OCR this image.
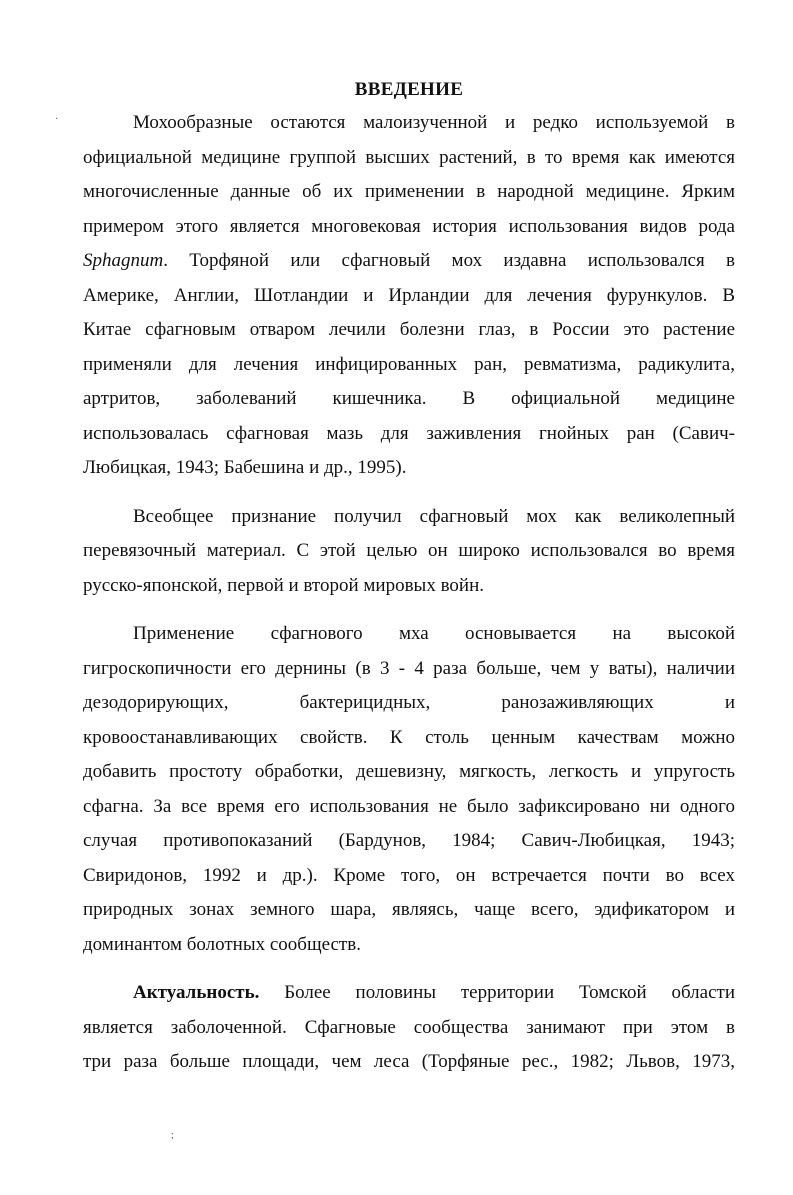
·
;
ВВЕДЕНИЕ
Мохообразные остаются малоизученной и редко используемой в
официальной медицине группой высших растений, в то время как имеются
многочисленные данные об их применении в народной медицине. Ярким
примером этого является многовековая история использования видов рода
Sphagnum. Торфяной или сфагновый мох издавна использовался в
Америке, Англии, Шотландии и Ирландии для лечения фурункулов. В
Китае сфагновым отваром лечили болезни глаз, в России это растение
применяли для лечения инфицированных ран, ревматизма, радикулита,
артритов, заболеваний кишечника. В официальной медицине
использовалась сфагновая мазь для заживления гнойных ран (Савич-
Любицкая, 1943; Бабешина и др., 1995).
Всеобщее признание получил сфагновый мох как великолепный
перевязочный материал. С этой целью он широко использовался во время
русско-японской, первой и второй мировых войн.
Применение сфагнового мха основывается на высокой
гигроскопичности его дернины (в 3 - 4 раза больше, чем у ваты), наличии
дезодорирующих, бактерицидных, ранозаживляющих и
кровоостанавливающих свойств. К столь ценным качествам можно
добавить простоту обработки, дешевизну, мягкость, легкость и упругость
сфагна. За все время его использования не было зафиксировано ни одного
случая противопоказаний (Бардунов, 1984; Савич-Любицкая, 1943;
Свиридонов, 1992 и др.). Кроме того, он встречается почти во всех
природных зонах земного шара, являясь, чаще всего, эдификатором и
доминантом болотных сообществ.
Актуальность. Более половины территории Томской области
является заболоченной. Сфагновые сообщества занимают при этом в
три раза больше площади, чем леса (Торфяные рес., 1982; Львов, 1973,
